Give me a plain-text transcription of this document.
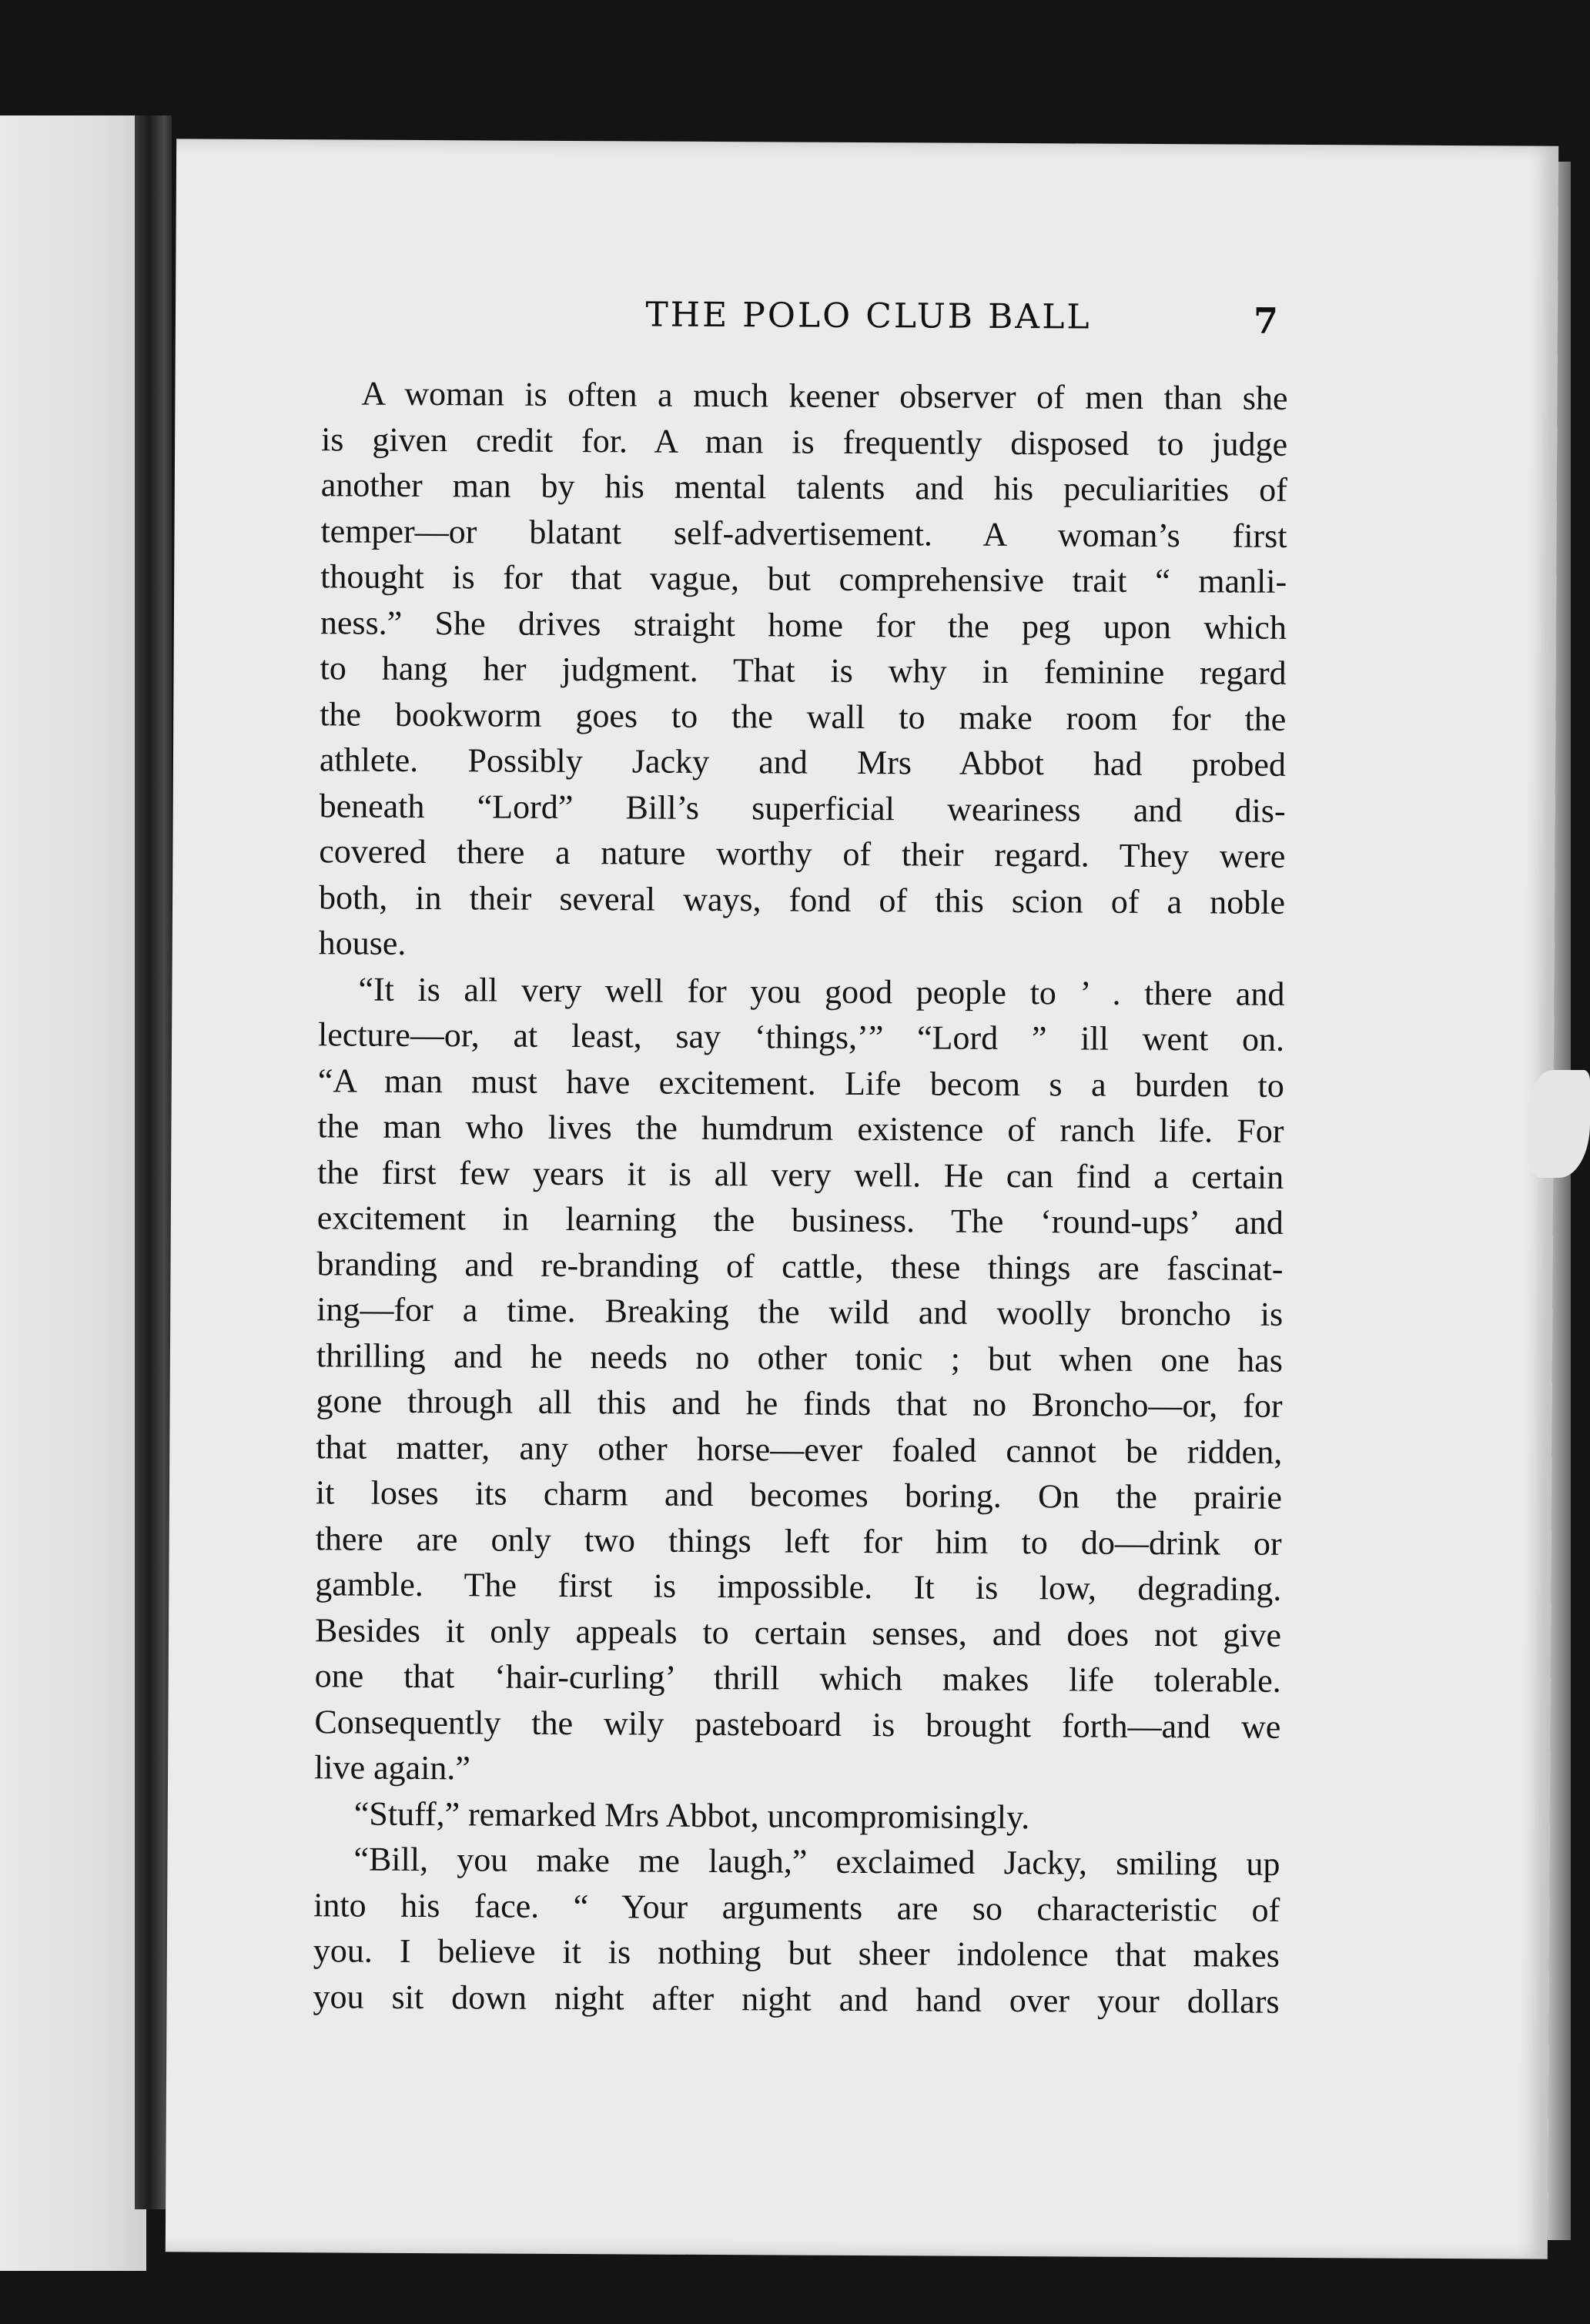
THE POLO CLUB BALL	7
A woman is often a much keener observer of men than she
is given credit for. A man is frequently disposed to judge
another man by his mental talents and his peculiarities of
temper—or blatant self-advertisement. A woman’s first
thought is for that vague, but comprehensive trait “ manli-
ness.” She drives straight home for the peg upon which
to hang her judgment. That is why in feminine regard
the bookworm goes to the wall to make room for the
athlete. Possibly Jacky and Mrs Abbot had probed
beneath “Lord” Bill’s superficial weariness and dis-
covered there a nature worthy of their regard. They were
both, in their several ways, fond of this scion of a noble
house.
“It is all very well for you good people to ’ . there and
lecture—or, at least, say ‘things,’” “Lord ” ill went on.
“A man must have excitement. Life becom s a burden to
the man who lives the humdrum existence of ranch life. For
the first few years it is all very well. He can find a certain
excitement in learning the business. The ‘round-ups’ and
branding and re-branding of cattle, these things are fascinat-
ing—for a time. Breaking the wild and woolly broncho is
thrilling and he needs no other tonic ; but when one has
gone through all this and he finds that no Broncho—or, for
that matter, any other horse—ever foaled cannot be ridden,
it loses its charm and becomes boring. On the prairie
there are only two things left for him to do—drink or
gamble. The first is impossible. It is low, degrading.
Besides it only appeals to certain senses, and does not give
one that ‘hair-curling’ thrill which makes life tolerable.
Consequently the wily pasteboard is brought forth—and we
live again.”
“Stuff,” remarked Mrs Abbot, uncompromisingly.
“Bill, you make me laugh,” exclaimed Jacky, smiling up
into his face. “ Your arguments are so characteristic of
you. I believe it is nothing but sheer indolence that makes
you sit down night after night and hand over your dollars
